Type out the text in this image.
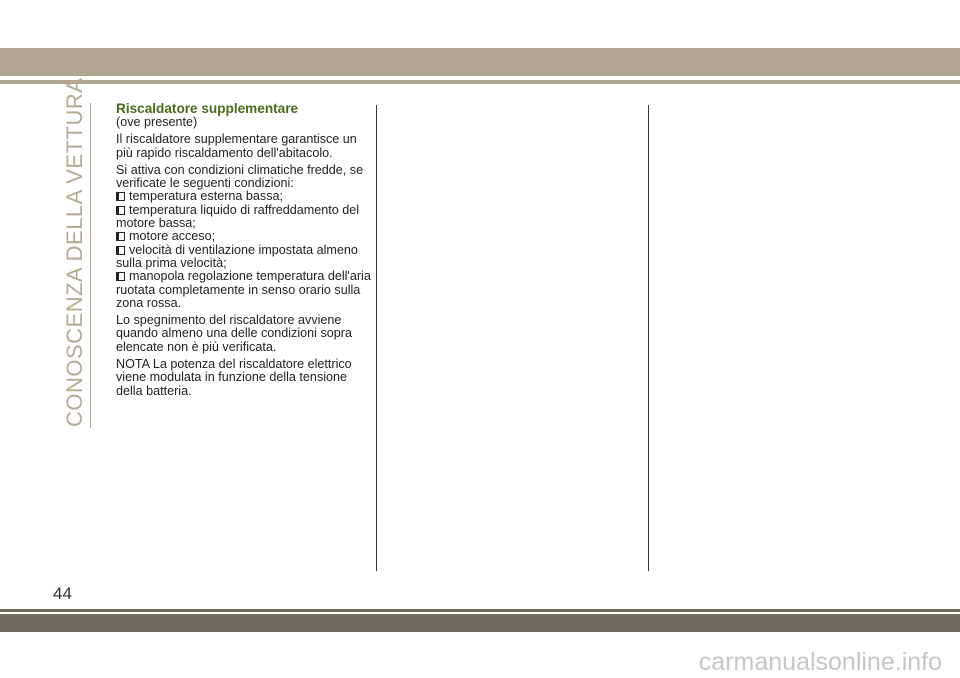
CONOSCENZA DELLA VETTURA Riscaldatore supplementare

(ove presente)

Il riscaldatore supplementare garantisce un più rapido riscaldamento dell'abitacolo.

Si attiva con condizioni climatiche fredde, se verificate le seguenti condizioni:

temperatura esterna bassa;
temperatura liquido di raffreddamento del motore bassa;
motore acceso;
velocità di ventilazione impostata almeno sulla prima velocità;
manopola regolazione temperatura dell'aria ruotata completamente in senso orario sulla zona rossa.

Lo spegnimento del riscaldatore avviene quando almeno una delle condizioni sopra elencate non è più verificata.

NOTA La potenza del riscaldatore elettrico viene modulata in funzione della tensione della batteria.

44
carmanualsonline.info
